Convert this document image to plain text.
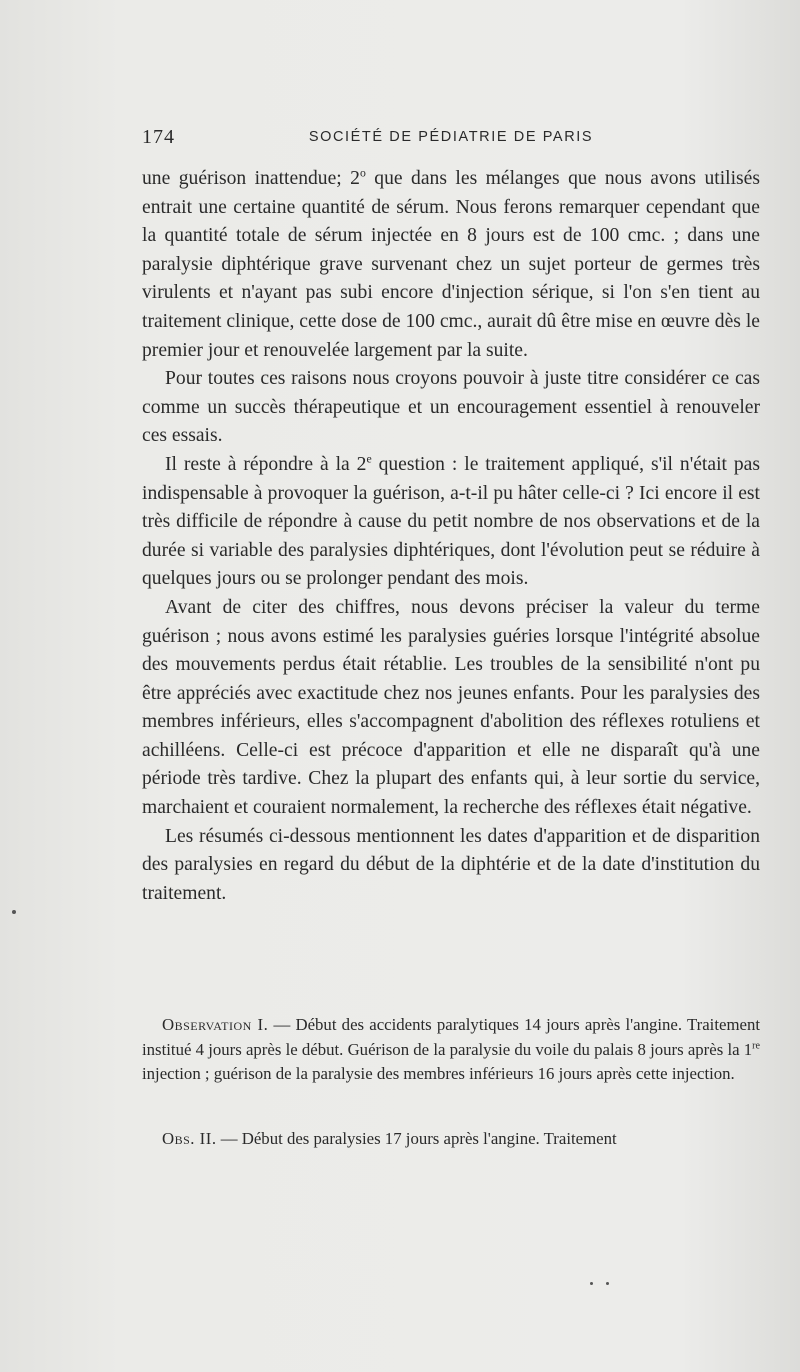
174	SOCIÉTÉ DE PÉDIATRIE DE PARIS

une guérison inattendue; 2$^o$ que dans les mélanges que nous avons utilisés entrait une certaine quantité de sérum. Nous ferons remarquer cependant que la quantité totale de sérum injectée en 8 jours est de 100 cmc. ; dans une paralysie diphtérique grave survenant chez un sujet porteur de germes très virulents et n'ayant pas subi encore d'injection sérique, si l'on s'en tient au traitement clinique, cette dose de 100 cmc., aurait dû être mise en œuvre dès le premier jour et renouvelée largement par la suite.

Pour toutes ces raisons nous croyons pouvoir à juste titre considérer ce cas comme un succès thérapeutique et un encouragement essentiel à renouveler ces essais.

Il reste à répondre à la 2e question : le traitement appliqué, s'il n'était pas indispensable à provoquer la guérison, a-t-il pu hâter celle-ci ? Ici encore il est très difficile de répondre à cause du petit nombre de nos observations et de la durée si variable des paralysies diphtériques, dont l'évolution peut se réduire à quelques jours ou se prolonger pendant des mois.

Avant de citer des chiffres, nous devons préciser la valeur du terme guérison ; nous avons estimé les paralysies guéries lorsque l'intégrité absolue des mouvements perdus était rétablie. Les troubles de la sensibilité n'ont pu être appréciés avec exactitude chez nos jeunes enfants. Pour les paralysies des membres inférieurs, elles s'accompagnent d'abolition des réflexes rotuliens et achilléens. Celle-ci est précoce d'apparition et elle ne disparaît qu'à une période très tardive. Chez la plupart des enfants qui, à leur sortie du service, marchaient et couraient normalement, la recherche des réflexes était négative.

Les résumés ci-dessous mentionnent les dates d'apparition et de disparition des paralysies en regard du début de la diphtérie et de la date d'institution du traitement.

Observation I. — Début des accidents paralytiques 14 jours après l'angine. Traitement institué 4 jours après le début. Guérison de la paralysie du voile du palais 8 jours après la 1re injection ; guérison de la paralysie des membres inférieurs 16 jours après cette injection.

Obs. II. — Début des paralysies 17 jours après l'angine. Traitement
